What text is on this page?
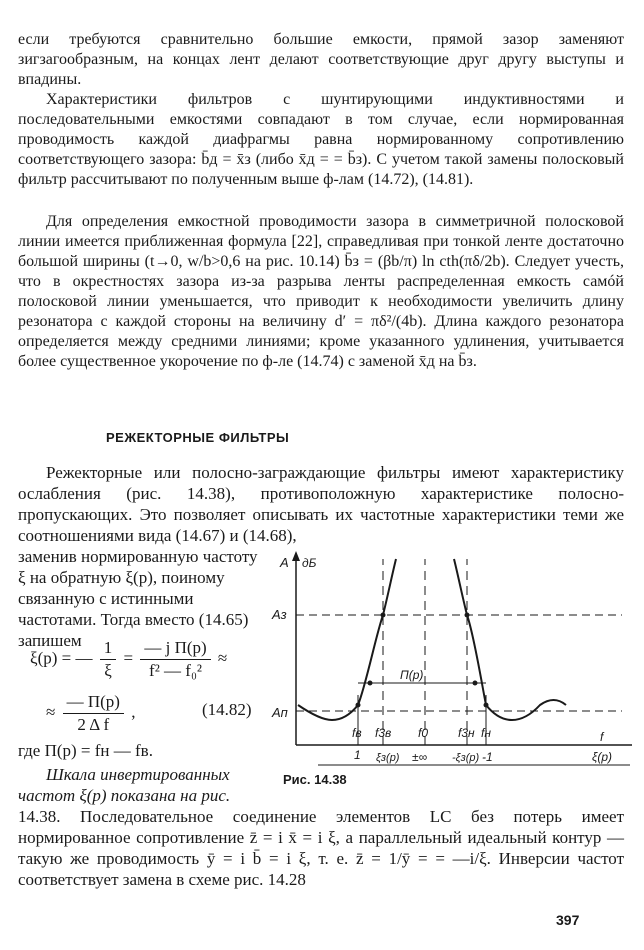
если требуются сравнительно большие емкости, прямой зазор заменяют зигзагообразным, на концах лент делают соответствующие друг другу выступы и впадины.

Характеристики фильтров с шунтирующими индуктивностями и последовательными емкостями совпадают в том случае, если нормированная проводимость каждой диафрагмы равна нормированному сопротивлению соответствующего зазора: b̄д = x̄з (либо x̄д = = b̄з). С учетом такой замены полосковый фильтр рассчитывают по полученным выше ф-лам (14.72), (14.81).

Для определения емкостной проводимости зазора в симметричной полосковой линии имеется приближенная формула [22], справедливая при тонкой ленте достаточно большой ширины (t→0, w/b>0,6 на рис. 10.14) b̄з = (βb/π) ln cth(πδ/2b). Следует учесть, что в окрестностях зазора из-за разрыва ленты распределенная емкость самóй полосковой линии уменьшается, что приводит к необходимости увеличить длину резонатора с каждой стороны на величину d′ = πδ²/(4b). Длина каждого резонатора определяется между средними линиями; кроме указанного удлинения, учитывается более существенное укорочение по ф-ле (14.74) с заменой x̄д на b̄з.

РЕЖЕКТОРНЫЕ ФИЛЬТРЫ

Режекторные или полосно-заграждающие фильтры имеют характеристику ослабления (рис. 14.38), противоположную характеристике полосно-пропускающих. Это позволяет описывать их частотные характеристики теми же соотношениями вида (14.67) и (14.68),

заменив нормированную частоту ξ на обратную ξ(р), поиному связанную с истинными частотами. Тогда вместо (14.65) запишем

ξ(р) = — $\frac{1}{\xi} = \frac{\text{— j Π(р)}}{\text{f² — f₀²}}$ ≈
≈ $\frac{— \Pi(р)}{\text{2 Δ f}}$ ,	(14.82)

где Π(р) = fн — fв.

Шкала инвертированных частот ξ(р) показана на рис.

14.38. Последовательное соединение элементов LC без потерь имеет нормированное сопротивление z̄ = i x̄ = i ξ, а параллельный идеальный контур — такую же проводимость ȳ = i b̄ = i ξ, т. е. z̄ = 1/ȳ = = —i/ξ. Инверсии частот соответствует замена в схеме рис. 14.28

A дБ
Aз
Aп
П(р)
f
ξ(р)
fв f3в f0 f3н fн
1 ξз(р) ±∞ -ξз(р) -1
Рис. 14.38
397
